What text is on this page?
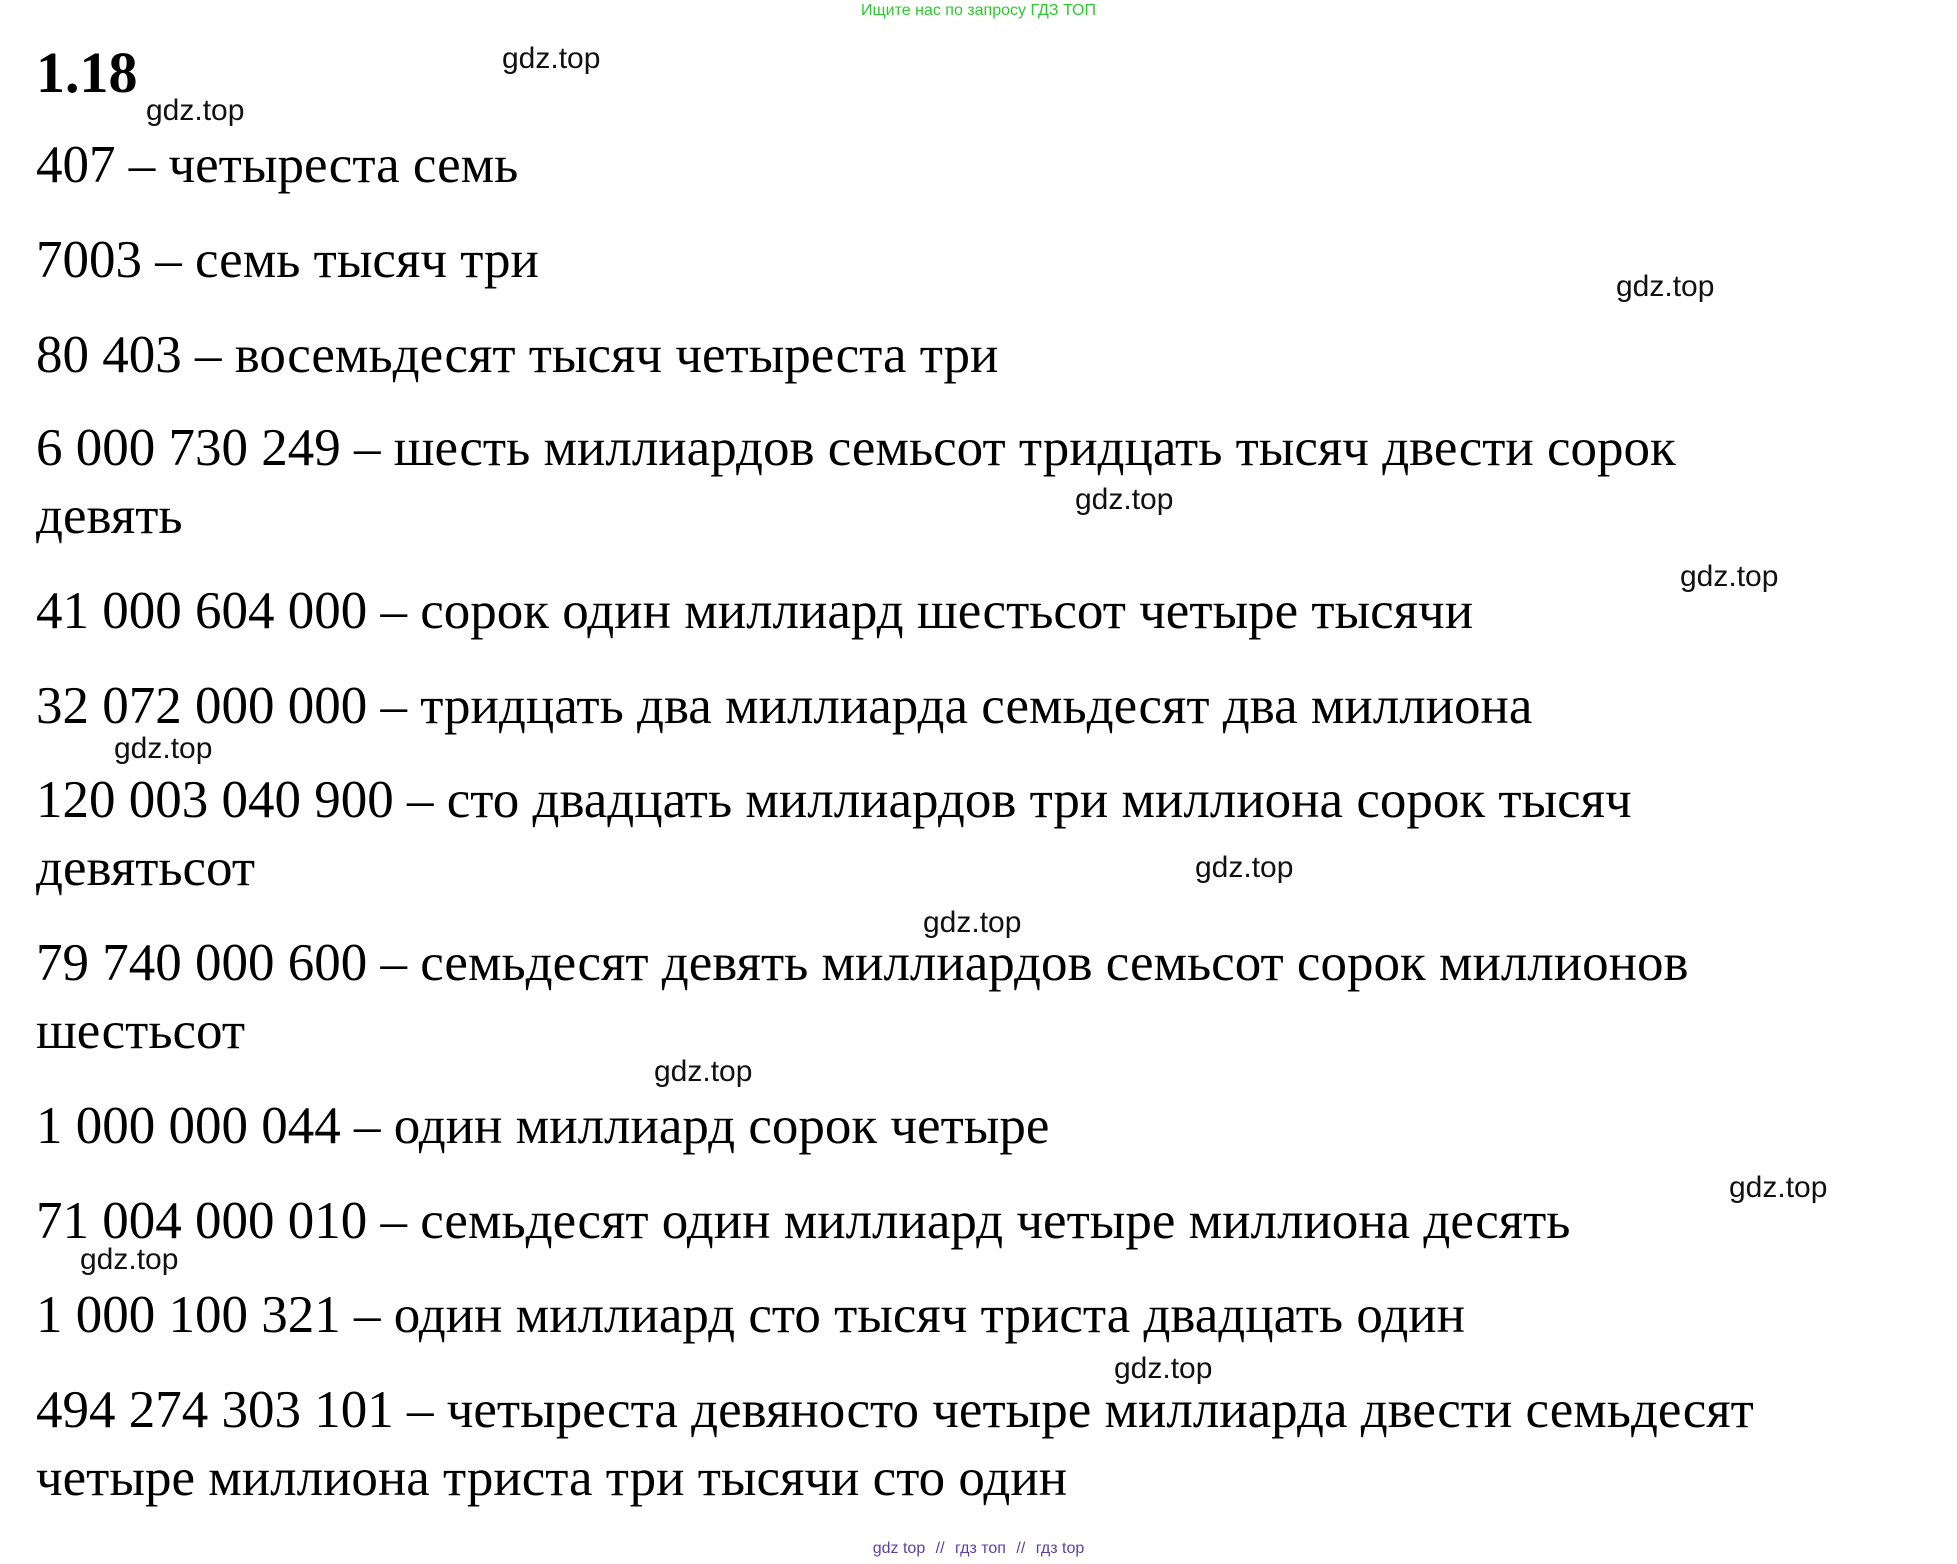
Ищите нас по запросу ГДЗ ТОП
1.18
407 – четыреста семь
7003 – семь тысяч три
80 403 – восемьдесят тысяч четыреста три
6 000 730 249 – шесть миллиардов семьсот тридцать тысяч двести сорок
девять
41 000 604 000 – сорок один миллиард шестьсот четыре тысячи
32 072 000 000 – тридцать два миллиарда семьдесят два миллиона
120 003 040 900 – сто двадцать миллиардов три миллиона сорок тысяч
девятьсот
79 740 000 600 – семьдесят девять миллиардов семьсот сорок миллионов
шестьсот
1 000 000 044 – один миллиард сорок четыре
71 004 000 010 – семьдесят один миллиард четыре миллиона десять
1 000 100 321 – один миллиард сто тысяч триста двадцать один
494 274 303 101 – четыреста девяносто четыре миллиарда двести семьдесят
четыре миллиона триста три тысячи сто один
gdz.top
gdz.top
gdz.top
gdz.top
gdz.top
gdz.top
gdz.top
gdz.top
gdz.top
gdz.top
gdz.top
gdz.top
gdz top // гдз топ // гдз top
